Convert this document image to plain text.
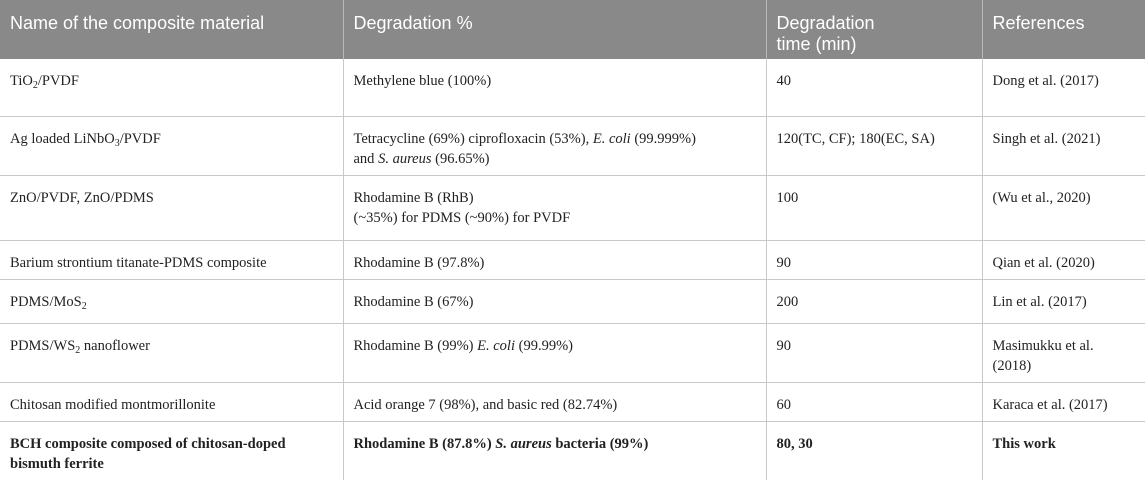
Name of the composite material	Degradation %	Degradation
time (min)	References
TiO$_2$/PVDF	Methylene blue (100%)	40	Dong et al. (2017)
Ag loaded LiNbO$_3$/PVDF	Tetracycline (69%) ciprofloxacin (53%), E. coli (99.999%)
and S. aureus (96.65%)	120(TC, CF); 180(EC, SA)	Singh et al. (2021)
ZnO/PVDF, ZnO/PDMS	Rhodamine B (RhB)
(~35%) for PDMS (~90%) for PVDF	100	(Wu et al., 2020)
Barium strontium titanate-PDMS composite	Rhodamine B (97.8%)	90	Qian et al. (2020)
PDMS/MoS$_2$	Rhodamine B (67%)	200	Lin et al. (2017)
PDMS/$WS_2$ nanoflower	Rhodamine B (99%) E. coli (99.99%)	90	Masimukku et al.
(2018)

Chitosan modified montmorillonite	Acid orange 7 (98%), and basic red (82.74%)	60	Karaca et al. (2017)

BCH composite composed of chitosan-doped
bismuth ferrite	Rhodamine B (87.8%) S. aureus bacteria (99%)	80, 30	This work
